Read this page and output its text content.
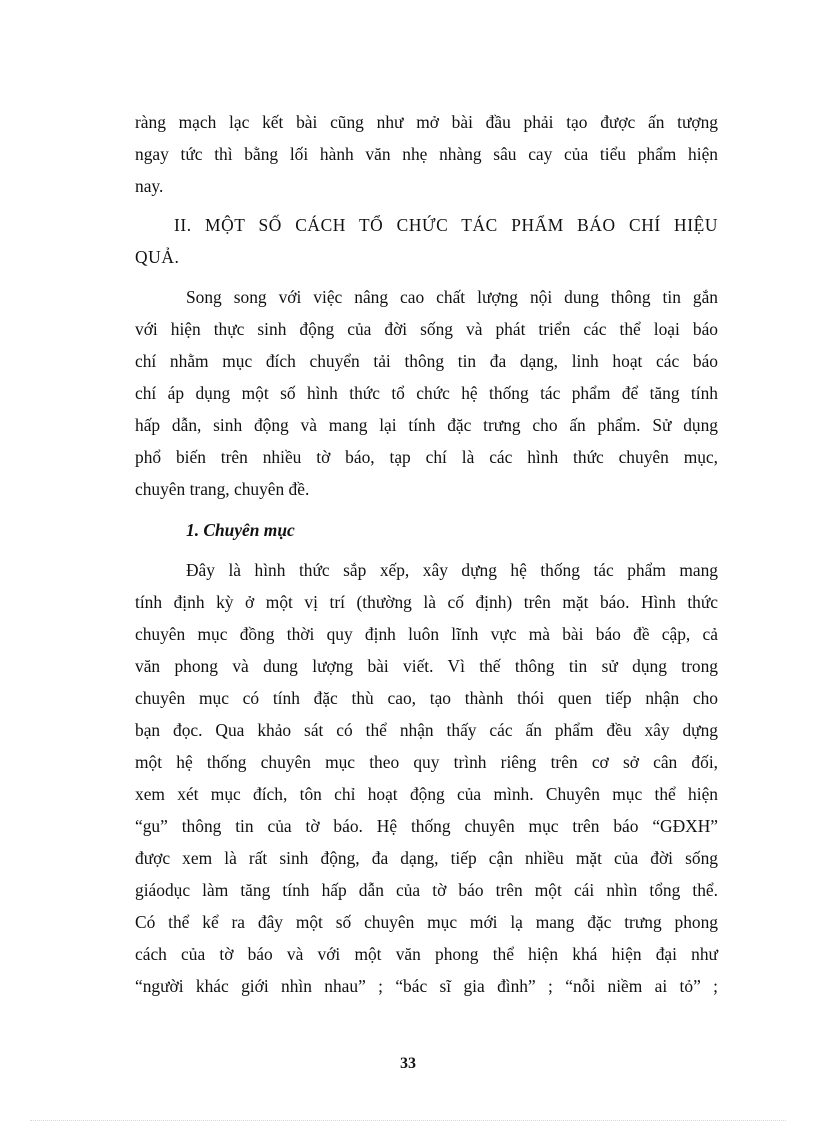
ràng mạch lạc kết bài cũng như mở bài đầu phải tạo được ấn tượng
ngay tức thì bằng lối hành văn nhẹ nhàng sâu cay của tiểu phẩm hiện
nay.
II. MỘT SỐ CÁCH TỔ CHỨC TÁC PHẨM BÁO CHÍ HIỆU
QUẢ.
Song song với việc nâng cao chất lượng nội dung thông tin gắn
với hiện thực sinh động của đời sống và phát triển các thể loại báo
chí nhằm mục đích chuyển tải thông tin đa dạng, linh hoạt các báo
chí áp dụng một số hình thức tổ chức hệ thống tác phẩm để tăng tính
hấp dẫn, sinh động và mang lại tính đặc trưng cho ấn phẩm. Sử dụng
phổ biến trên nhiều tờ báo, tạp chí là các hình thức chuyên mục,
chuyên trang, chuyên đề.
1. Chuyên mục
Đây là hình thức sắp xếp, xây dựng hệ thống tác phẩm mang
tính định kỳ ở một vị trí (thường là cố định) trên mặt báo. Hình thức
chuyên mục đồng thời quy định luôn lĩnh vực mà bài báo đề cập, cả
văn phong và dung lượng bài viết. Vì thế thông tin sử dụng trong
chuyên mục có tính đặc thù cao, tạo thành thói quen tiếp nhận cho
bạn đọc. Qua khảo sát có thể nhận thấy các ấn phẩm đều xây dựng
một hệ thống chuyên mục theo quy trình riêng trên cơ sở cân đối,
xem xét mục đích, tôn chỉ hoạt động của mình. Chuyên mục thể hiện
“gu” thông tin của tờ báo. Hệ thống chuyên mục trên báo “GĐXH”
được xem là rất sinh động, đa dạng, tiếp cận nhiều mặt của đời sống
giáodục làm tăng tính hấp dẫn của tờ báo trên một cái nhìn tổng thể.
Có thể kể ra đây một số chuyên mục mới lạ mang đặc trưng phong
cách của tờ báo và với một văn phong thể hiện khá hiện đại như
“người khác giới nhìn nhau” ; “bác sĩ gia đình” ; “nỗi niềm ai tỏ” ;
33
